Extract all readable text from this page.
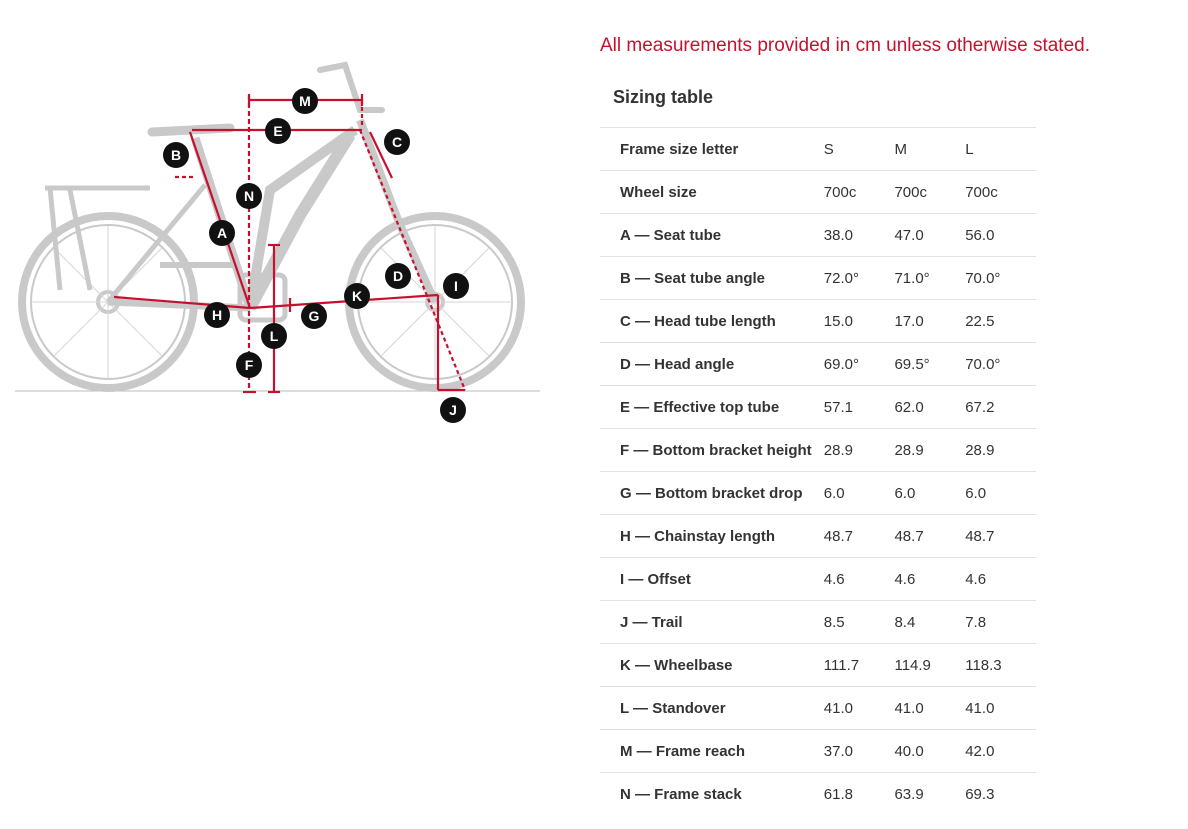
All measurements provided in cm unless otherwise stated.
Sizing table
M
E
C
B
N
A
D
I
K
H	G
L
F
J
Frame size letter	S	M	L
Wheel size	700c	700c	700c
A — Seat tube	38.0	47.0	56.0
B — Seat tube angle	72.0°	71.0°	70.0°
C — Head tube length	15.0	17.0	22.5
D — Head angle	69.0°	69.5°	70.0°
E — Effective top tube	57.1	62.0	67.2
F — Bottom bracket height	28.9	28.9	28.9
G — Bottom bracket drop	6.0	6.0	6.0
H — Chainstay length	48.7	48.7	48.7
I — Offset	4.6	4.6	4.6
J — Trail	8.5	8.4	7.8
K — Wheelbase	111.7	114.9	118.3
L — Standover	41.0	41.0	41.0
M — Frame reach	37.0	40.0	42.0
N — Frame stack	61.8	63.9	69.3
